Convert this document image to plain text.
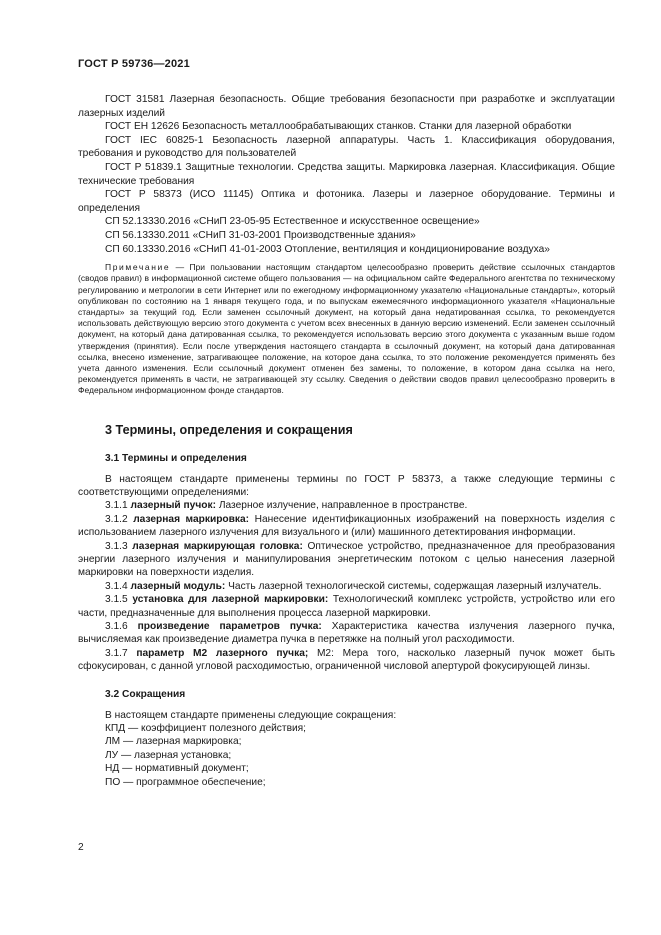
ГОСТ Р 59736—2021

ГОСТ 31581 Лазерная безопасность. Общие требования безопасности при разработке и эксплуатации лазерных изделий

ГОСТ ЕН 12626 Безопасность металлообрабатывающих станков. Станки для лазерной обработки

ГОСТ IEC 60825-1 Безопасность лазерной аппаратуры. Часть 1. Классификация оборудования, требования и руководство для пользователей

ГОСТ Р 51839.1 Защитные технологии. Средства защиты. Маркировка лазерная. Классификация. Общие технические требования

ГОСТ Р 58373 (ИСО 11145) Оптика и фотоника. Лазеры и лазерное оборудование. Термины и определения

СП 52.13330.2016 «СНиП 23-05-95 Естественное и искусственное освещение»

СП 56.13330.2011 «СНиП 31-03-2001 Производственные здания»

СП 60.13330.2016 «СНиП 41-01-2003 Отопление, вентиляция и кондиционирование воздуха»

Примечание — При пользовании настоящим стандартом целесообразно проверить действие ссылочных стандартов (сводов правил) в информационной системе общего пользования — на официальном сайте Федерального агентства по техническому регулированию и метрологии в сети Интернет или по ежегодному информационному указателю «Национальные стандарты», который опубликован по состоянию на 1 января текущего года, и по выпускам ежемесячного информационного указателя «Национальные стандарты» за текущий год. Если заменен ссылочный документ, на который дана недатированная ссылка, то рекомендуется использовать действующую версию этого документа с учетом всех внесенных в данную версию изменений. Если заменен ссылочный документ, на который дана датированная ссылка, то рекомендуется использовать версию этого документа с указанным выше годом утверждения (принятия). Если после утверждения настоящего стандарта в ссылочный документ, на который дана датированная ссылка, внесено изменение, затрагивающее положение, на которое дана ссылка, то это положение рекомендуется применять без учета данного изменения. Если ссылочный документ отменен без замены, то положение, в котором дана ссылка на него, рекомендуется применять в части, не затрагивающей эту ссылку. Сведения о действии сводов правил целесообразно проверить в Федеральном информационном фонде стандартов.

3 Термины, определения и сокращения
3.1 Термины и определения

В настоящем стандарте применены термины по ГОСТ Р 58373, а также следующие термины с соответствующими определениями:

3.1.1 лазерный пучок: Лазерное излучение, направленное в пространстве.

3.1.2 лазерная маркировка: Нанесение идентификационных изображений на поверхность изделия с использованием лазерного излучения для визуального и (или) машинного детектирования информации.

3.1.3 лазерная маркирующая головка: Оптическое устройство, предназначенное для преобразования энергии лазерного излучения и манипулирования энергетическим потоком с целью нанесения лазерной маркировки на поверхности изделия.

3.1.4 лазерный модуль: Часть лазерной технологической системы, содержащая лазерный излучатель.

3.1.5 установка для лазерной маркировки: Технологический комплекс устройств, устройство или его части, предназначенные для выполнения процесса лазерной маркировки.

3.1.6 произведение параметров пучка: Характеристика качества излучения лазерного пучка, вычисляемая как произведение диаметра пучка в перетяжке на полный угол расходимости.

3.1.7 параметр M2 лазерного пучка; M2: Мера того, насколько лазерный пучок может быть сфокусирован, с данной угловой расходимостью, ограниченной числовой апертурой фокусирующей линзы.

3.2 Сокращения

В настоящем стандарте применены следующие сокращения:

КПД — коэффициент полезного действия;

ЛМ — лазерная маркировка;

ЛУ — лазерная установка;

НД — нормативный документ;

ПО — программное обеспечение;

2
